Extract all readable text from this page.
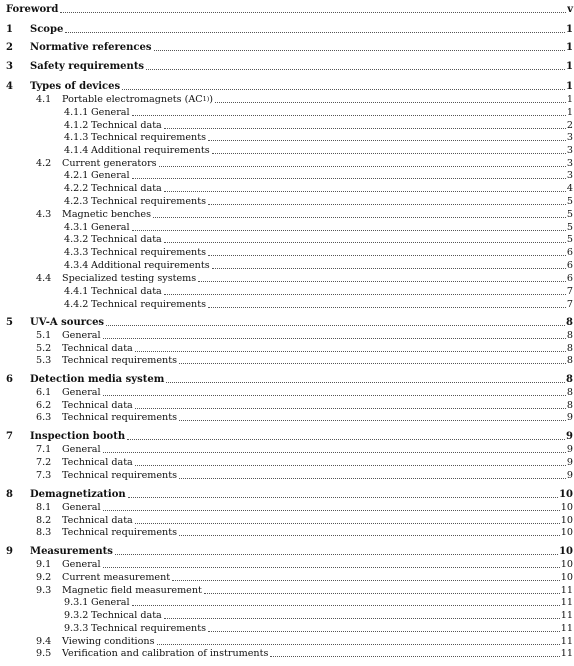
Foreword	v
1	Scope	1
2	Normative references	1
3	Safety requirements	1
4	Types of devices	1
4.1	Portable electromagnets (AC$^{1)}$)	1
4.1.1 General	1
4.1.2 Technical data	2
4.1.3 Technical requirements	3
4.1.4 Additional requirements	3
4.2	Current generators	3
4.2.1 General	3
4.2.2 Technical data	4
4.2.3 Technical requirements	5
4.3	Magnetic benches	5
4.3.1 General	5
4.3.2 Technical data	5
4.3.3 Technical requirements	6
4.3.4 Additional requirements	6
4.4	Specialized testing systems	6
4.4.1 Technical data	7
4.4.2 Technical requirements	7
5	UV-A sources	8
5.1	General	8
5.2	Technical data	8
5.3	Technical requirements	8
6	Detection media system	8
6.1	General	8
6.2	Technical data	8
6.3	Technical requirements	9
7	Inspection booth	9
7.1	General	9
7.2	Technical data	9
7.3	Technical requirements	9
8	Demagnetization	10
8.1	General	10
8.2	Technical data	10
8.3	Technical requirements	10
9	Measurements	10
9.1	General	10
9.2	Current measurement	10
9.3	Magnetic field measurement	11
9.3.1 General	11
9.3.2 Technical data	11
9.3.3 Technical requirements	11
9.4	Viewing conditions	11
9.5	Verification and calibration of instruments	11
